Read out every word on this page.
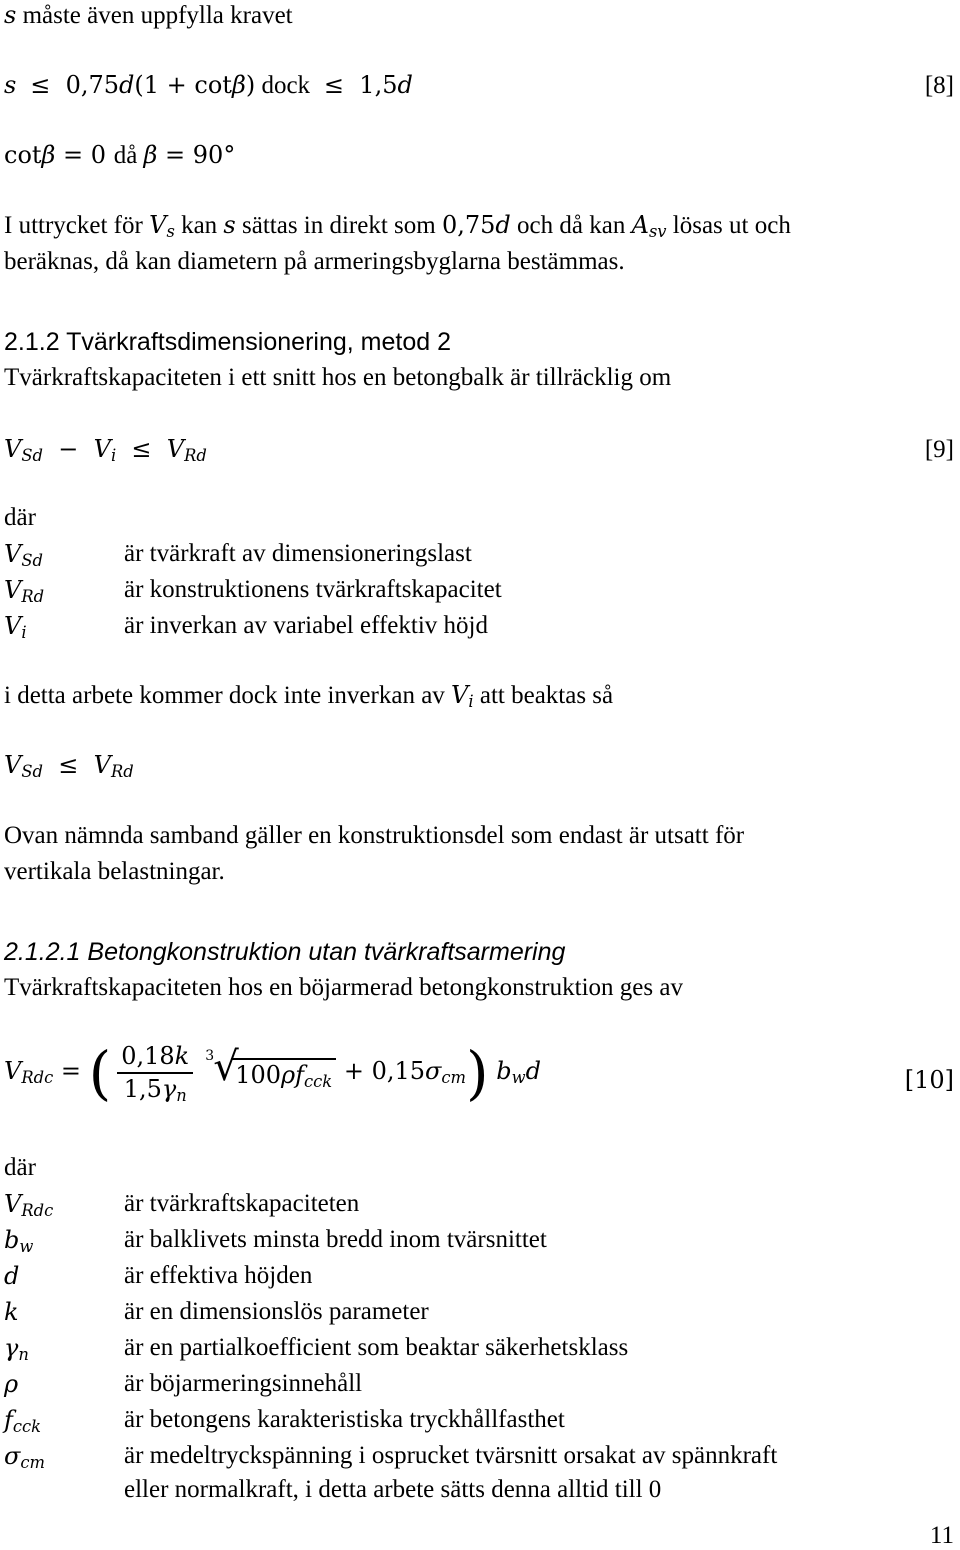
s måste även uppfylla kravet
s  ≤  0,75d(1 + cotβ) dock  ≤  1,5d	[8]
cotβ = 0 då β = 90°
I uttrycket för $V_s$ kan s sättas in direkt som 0,75d och då kan $A_{sv}$ lösas ut och
beräknas, då kan diametern på armeringsbyglarna bestämmas.
2.1.2 Tvärkraftsdimensionering, metod 2
Tvärkraftskapaciteten i ett snitt hos en betongbalk är tillräcklig om
$V_{Sd} - V_i \le V_{Rd}$	[9]
där
$V_{Sd}$	är tvärkraft av dimensioneringslast
$V_{Rd}$	är konstruktionens tvärkraftskapacitet
$V_i$	är inverkan av variabel effektiv höjd
i detta arbete kommer dock inte inverkan av $V_i$ att beaktas så
$V_{Sd} \le V_{Rd}$
Ovan nämnda samband gäller en konstruktionsdel som endast är utsatt för
vertikala belastningar.
2.1.2.1 Betongkonstruktion utan tvärkraftsarmering
Tvärkraftskapaciteten hos en böjarmerad betongkonstruktion ges av
$V_{Rdc}$ = ( $\frac{0,18k}{1,5\gamma_n} 3$ √
$100\rho f_{cck} + 0,15\sigma_{cm}$) $b_wd$	[10]
där
$V_{Rdc}$	är tvärkraftskapaciteten
$b_w$	är balklivets minsta bredd inom tvärsnittet
d	är effektiva höjden
k	är en dimensionslös parameter
$\gamma_n$	är en partialkoefficient som beaktar säkerhetsklass
ρ	är böjarmeringsinnehåll
$f_{cck}$	är betongens karakteristiska tryckhållfasthet
$\sigma_{cm}$	är medeltryckspänning i osprucket tvärsnitt orsakat av spännkraft
eller normalkraft, i detta arbete sätts denna alltid till 0
11
